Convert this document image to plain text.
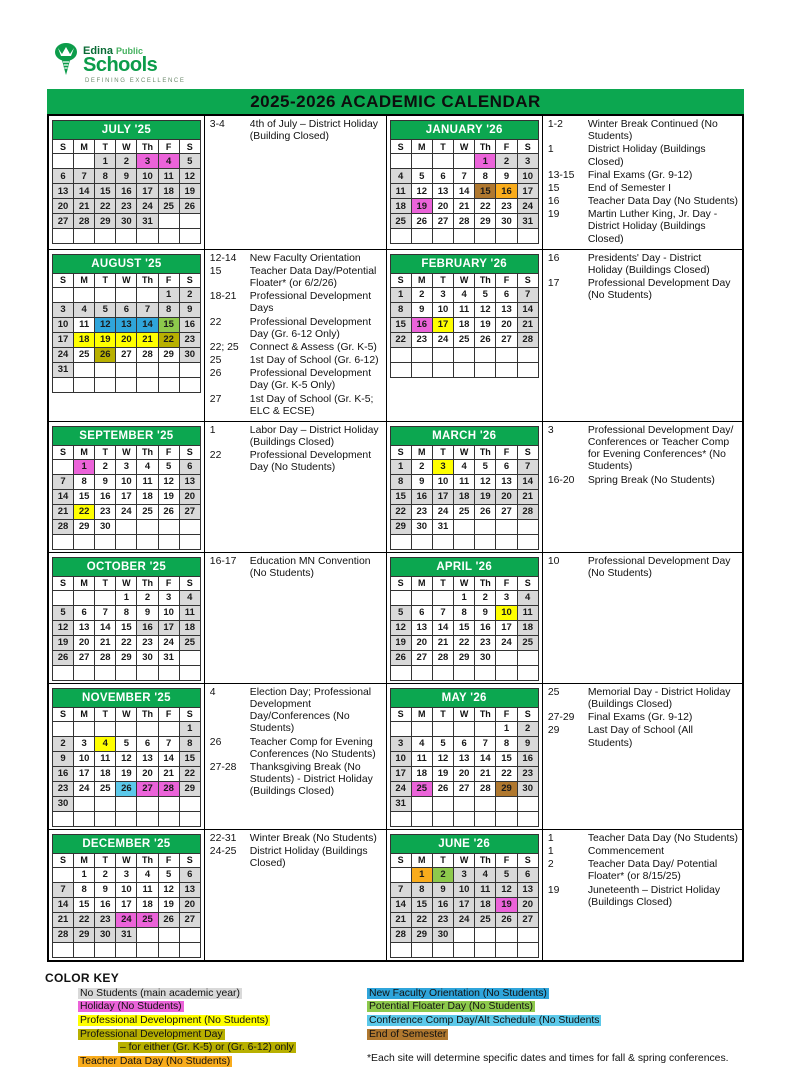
Edina Public
Schools
DEFINING EXCELLENCE
2025-2026 ACADEMIC CALENDAR
JULY '25
S	M	T	W	Th	F	S
		1	2	3	4	5
6	7	8	9	10	11	12
13	14	15	16	17	18	19
20	21	22	23	24	25	26
27	28	29	30	31		

3-4	4th of July – District Holiday (Building Closed)

JANUARY '26
S	M	T	W	Th	F	S
				1	2	3
4	5	6	7	8	9	10
11	12	13	14	15	16	17
18	19	20	21	22	23	24
25	26	27	28	29	30	31

1-2	Winter Break Continued (No Students)
1	District Holiday (Buildings Closed)
13-15	Final Exams (Gr. 9-12)
15	End of Semester I
16	Teacher Data Day (No Students)
19	Martin Luther King, Jr. Day - District Holiday (Buildings Closed)

AUGUST '25
S	M	T	W	Th	F	S
					1	2
3	4	5	6	7	8	9
10	11	12	13	14	15	16
17	18	19	20	21	22	23
24	25	26	27	28	29	30
31						

12-14	New Faculty Orientation
15	Teacher Data Day/Potential Floater* (or 6/2/26)
18-21	Professional Development Days
22	Professional Development Day (Gr. 6-12 Only)
22; 25	Connect & Assess (Gr. K-5)
25	1st Day of School (Gr. 6-12)
26	Professional Development Day (Gr. K-5 Only)
27	1st Day of School (Gr. K-5; ELC & ECSE)

FEBRUARY '26
S	M	T	W	Th	F	S
1	2	3	4	5	6	7
8	9	10	11	12	13	14
15	16	17	18	19	20	21
22	23	24	25	26	27	28

16	Presidents' Day - District Holiday (Buildings Closed)
17	Professional Development Day (No Students)

SEPTEMBER '25
S	M	T	W	Th	F	S
	1	2	3	4	5	6
7	8	9	10	11	12	13
14	15	16	17	18	19	20
21	22	23	24	25	26	27
28	29	30				

1	Labor Day – District Holiday (Buildings Closed)
22	Professional Development Day (No Students)

MARCH '26
S	M	T	W	Th	F	S
1	2	3	4	5	6	7
8	9	10	11	12	13	14
15	16	17	18	19	20	21
22	23	24	25	26	27	28
29	30	31				

3	Professional Development Day/ Conferences or Teacher Comp for Evening Conferences* (No Students)
16-20	Spring Break (No Students)

OCTOBER '25
S	M	T	W	Th	F	S
			1	2	3	4
5	6	7	8	9	10	11
12	13	14	15	16	17	18
19	20	21	22	23	24	25
26	27	28	29	30	31	

16-17	Education MN Convention (No Students)

APRIL '26
S	M	T	W	Th	F	S
			1	2	3	4
5	6	7	8	9	10	11
12	13	14	15	16	17	18
19	20	21	22	23	24	25
26	27	28	29	30		

10	Professional Development Day (No Students)

NOVEMBER '25
S	M	T	W	Th	F	S
						1
2	3	4	5	6	7	8
9	10	11	12	13	14	15
16	17	18	19	20	21	22
23	24	25	26	27	28	29
30						

4	Election Day; Professional Development Day/Conferences (No Students)
26	Teacher Comp for Evening Conferences (No Students)
27-28	Thanksgiving Break (No Students) - District Holiday (Buildings Closed)

MAY '26
S	M	T	W	Th	F	S
					1	2
3	4	5	6	7	8	9
10	11	12	13	14	15	16
17	18	19	20	21	22	23
24	25	26	27	28	29	30
31						

25	Memorial Day - District Holiday (Buildings Closed)
27-29	Final Exams (Gr. 9-12)
29	Last Day of School (All Students)

DECEMBER '25
S	M	T	W	Th	F	S
	1	2	3	4	5	6
7	8	9	10	11	12	13
14	15	16	17	18	19	20
21	22	23	24	25	26	27
28	29	30	31			

22-31	Winter Break (No Students)
24-25	District Holiday (Buildings Closed)

JUNE '26
S	M	T	W	Th	F	S
	1	2	3	4	5	6
7	8	9	10	11	12	13
14	15	16	17	18	19	20
21	22	23	24	25	26	27
28	29	30				

1	Teacher Data Day (No Students)
1	Commencement
2	Teacher Data Day/ Potential Floater* (or 8/15/25)
19	Juneteenth – District Holiday (Buildings Closed)
COLOR KEY
No Students (main academic year)
Holiday (No Students)
Professional Development (No Students)
Professional Development Day
– for either (Gr. K-5) or (Gr. 6-12) only
Teacher Data Day (No Students)
New Faculty Orientation (No Students)
Potential Floater Day (No Students)
Conference Comp Day/Alt Schedule (No Students
End of Semester
*Each site will determine specific dates and times for fall & spring conferences.
